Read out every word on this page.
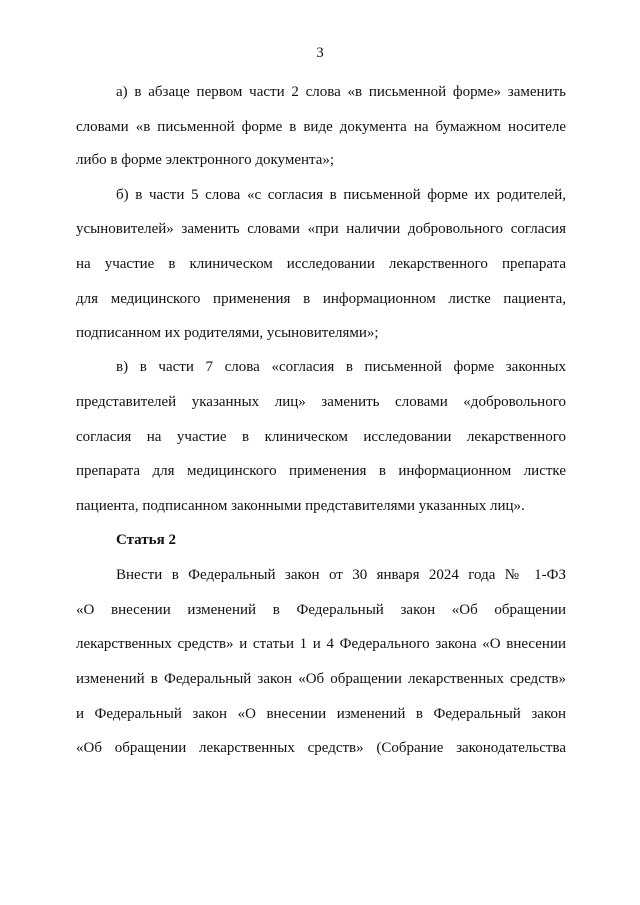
3
а) в абзаце первом части 2 слова «в письменной форме» заменить
словами «в письменной форме в виде документа на бумажном носителе
либо в форме электронного документа»;
б) в части 5 слова «с согласия в письменной форме их родителей,
усыновителей» заменить словами «при наличии добровольного согласия
на участие в клиническом исследовании лекарственного препарата
для медицинского применения в информационном листке пациента,
подписанном их родителями, усыновителями»;
в) в части 7 слова «согласия в письменной форме законных
представителей указанных лиц» заменить словами «добровольного
согласия на участие в клиническом исследовании лекарственного
препарата для медицинского применения в информационном листке
пациента, подписанном законными представителями указанных лиц».
Статья 2
Внести в Федеральный закон от 30 января 2024 года № 1-ФЗ
«О внесении изменений в Федеральный закон «Об обращении
лекарственных средств» и статьи 1 и 4 Федерального закона «О внесении
изменений в Федеральный закон «Об обращении лекарственных средств»
и Федеральный закон «О внесении изменений в Федеральный закон
«Об обращении лекарственных средств» (Собрание законодательства
